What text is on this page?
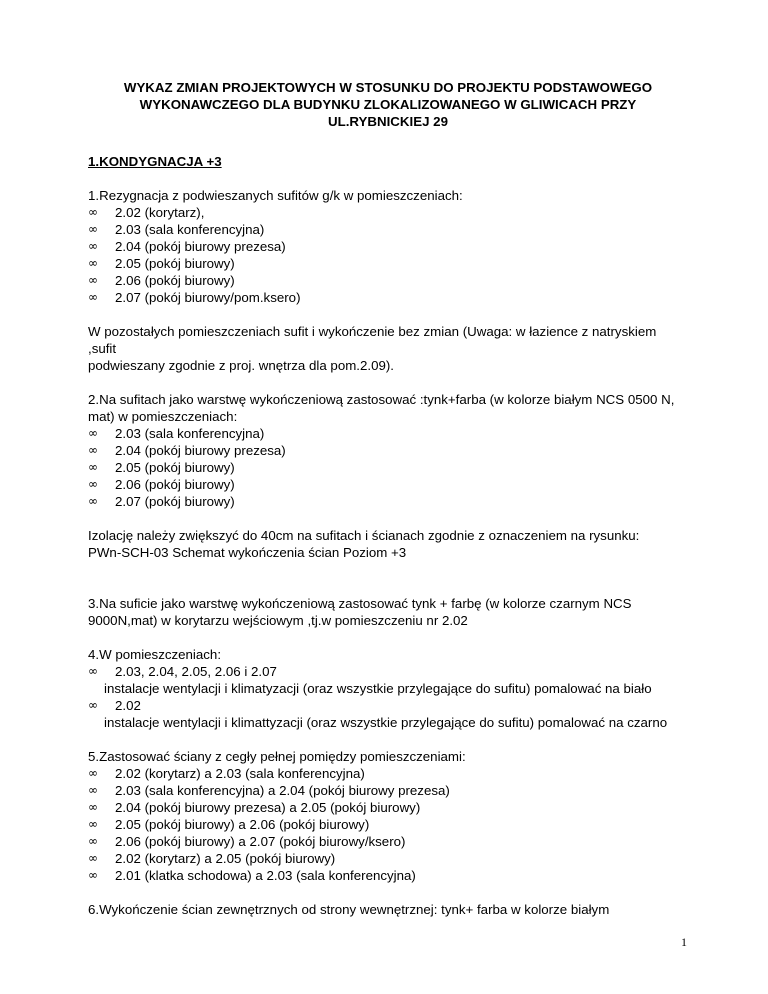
WYKAZ ZMIAN PROJEKTOWYCH W STOSUNKU DO PROJEKTU PODSTAWOWEGO
WYKONAWCZEGO DLA BUDYNKU ZLOKALIZOWANEGO W GLIWICACH PRZY
UL.RYBNICKIEJ 29
1.KONDYGNACJA +3

1.Rezygnacja z podwieszanych sufitów g/k w pomieszczeniach:

∞	2.02 (korytarz),
∞	2.03 (sala konferencyjna)
∞	2.04 (pokój biurowy prezesa)
∞	2.05 (pokój biurowy)
∞	2.06 (pokój biurowy)
∞	2.07 (pokój biurowy/pom.ksero)

W pozostałych pomieszczeniach sufit i wykończenie bez zmian (Uwaga: w łazience z natryskiem ,sufit

podwieszany zgodnie z proj. wnętrza dla pom.2.09).

2.Na sufitach jako warstwę wykończeniową zastosować :tynk+farba (w kolorze białym NCS 0500 N,

mat) w pomieszczeniach:

∞	2.03 (sala konferencyjna)
∞	2.04 (pokój biurowy prezesa)
∞	2.05 (pokój biurowy)
∞	2.06 (pokój biurowy)
∞	2.07 (pokój biurowy)

Izolację należy zwiększyć do 40cm na sufitach i ścianach zgodnie z oznaczeniem na rysunku:

PWn-SCH-03 Schemat wykończenia ścian Poziom +3

3.Na suficie jako warstwę wykończeniową zastosować tynk + farbę (w kolorze czarnym NCS

9000N,mat) w korytarzu wejściowym ,tj.w pomieszczeniu nr 2.02

4.W pomieszczeniach:

∞	2.03, 2.04, 2.05, 2.06 i 2.07

instalacje wentylacji i klimatyzacji (oraz wszystkie przylegające do sufitu) pomalować na biało

∞	2.02

instalacje wentylacji i klimattyzacji (oraz wszystkie przylegające do sufitu) pomalować na czarno

5.Zastosować ściany z cegły pełnej pomiędzy pomieszczeniami:

∞	2.02 (korytarz) a 2.03 (sala konferencyjna)
∞	2.03 (sala konferencyjna) a 2.04 (pokój biurowy prezesa)
∞	2.04 (pokój biurowy prezesa) a 2.05 (pokój biurowy)
∞	2.05 (pokój biurowy) a 2.06 (pokój biurowy)
∞	2.06 (pokój biurowy) a 2.07 (pokój biurowy/ksero)
∞	2.02 (korytarz) a 2.05 (pokój biurowy)
∞	2.01 (klatka schodowa) a 2.03 (sala konferencyjna)

6.Wykończenie ścian zewnętrznych od strony wewnętrznej: tynk+ farba w kolorze białym

1
